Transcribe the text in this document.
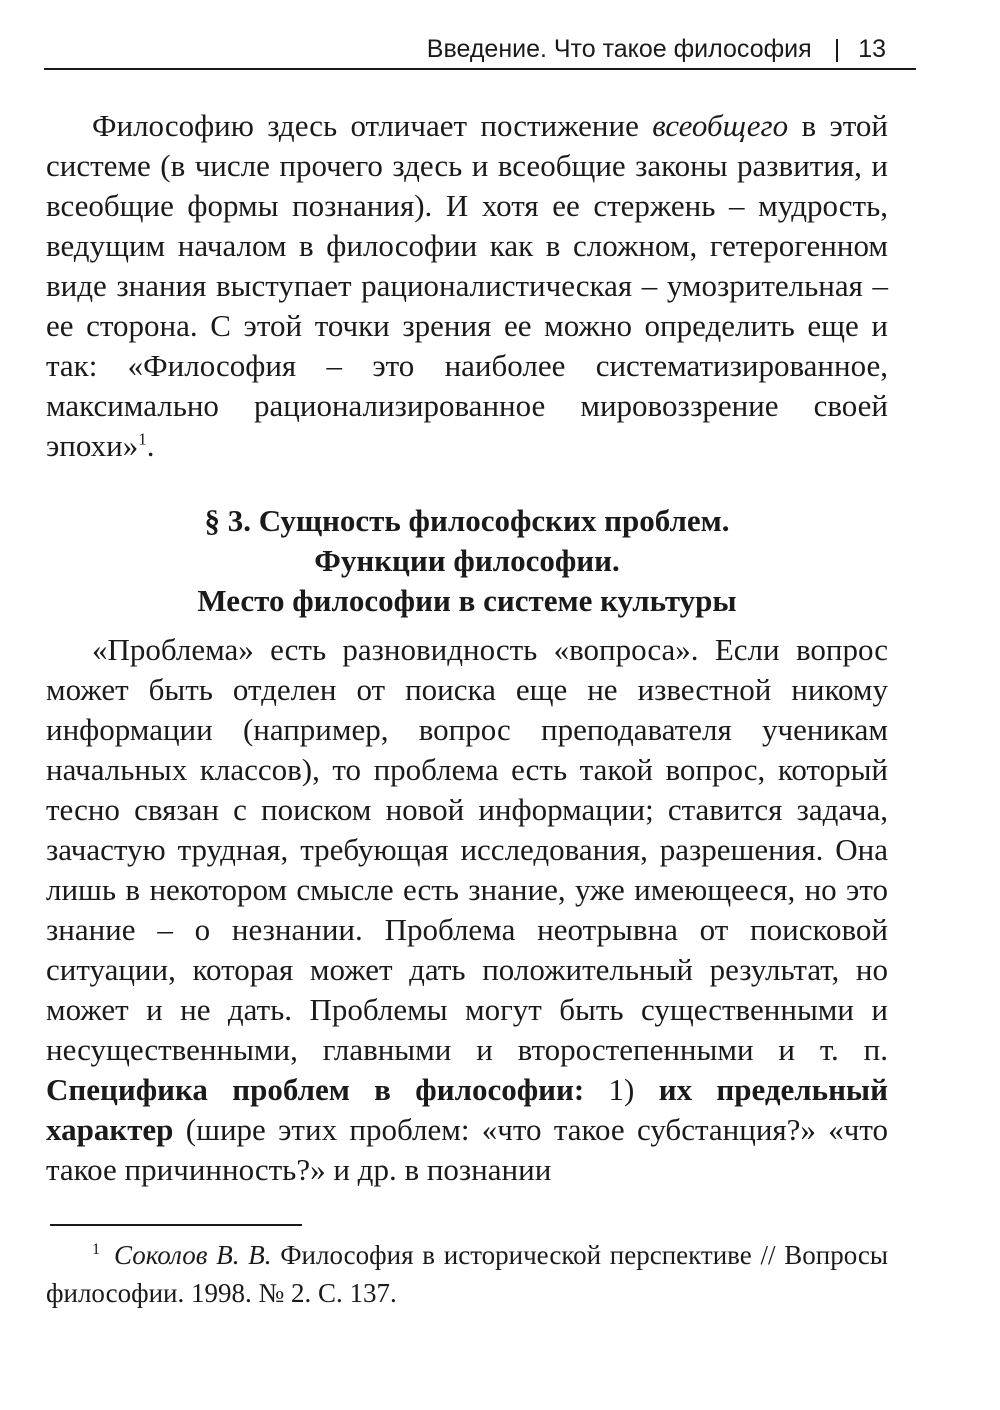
Введение. Что такое философия | 13

Философию здесь отличает постижение всеобщего в этой системе (в числе прочего здесь и всеобщие законы развития, и всеобщие формы познания). И хотя ее стержень – мудрость, ведущим началом в философии как в сложном, гетерогенном виде знания выступает рационалистическая – умозрительная – ее сторона. С этой точки зрения ее можно определить еще и так: «Философия – это наиболее систематизированное, максимально рационализированное мировоззрение своей эпохи»$^1$.

§ 3. Сущность философских проблем.
Функции философии.
Место философии в системе культуры

«Проблема» есть разновидность «вопроса». Если вопрос может быть отделен от поиска еще не известной никому информации (например, вопрос преподавателя ученикам начальных классов), то проблема есть такой вопрос, который тесно связан с поиском новой информации; ставится задача, зачастую трудная, требующая исследования, разрешения. Она лишь в некотором смысле есть знание, уже имеющееся, но это знание – о незнании. Проблема неотрывна от поисковой ситуации, которая может дать положительный результат, но может и не дать. Проблемы могут быть существенными и несущественными, главными и второстепенными и т. п. Специфика проблем в философии: 1) их предельный характер (шире этих проблем: «что такое субстанция?» «что такое причинность?» и др. в познании

$^1$ Соколов В. В. Философия в исторической перспективе // Вопросы философии. 1998. № 2. С. 137.
